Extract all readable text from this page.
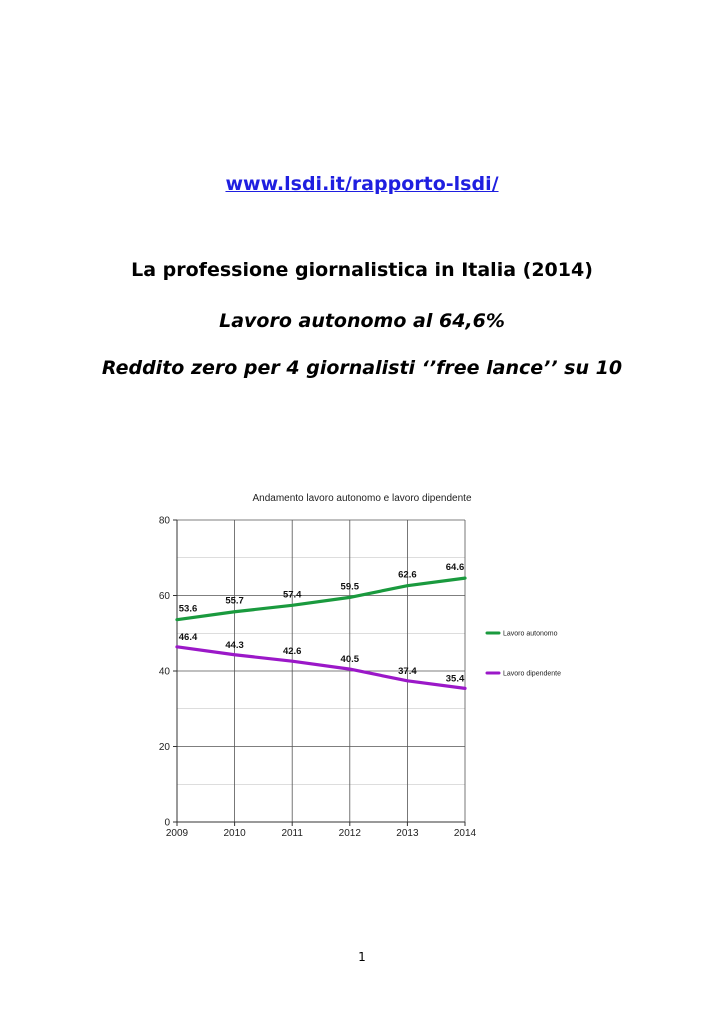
www.lsdi.it/rapporto-lsdi/
La professione giornalistica in Italia (2014)
Lavoro autonomo al 64,6%
Reddito zero per 4 giornalisti ‘’free lance’’ su 10
Andamento lavoro autonomo e lavoro dipendente
0
20
40
60
80
2009	2010	2011	2012	2013	2014
53.6
55.7
57.4
59.5
62.6
64.6
46.4
44.3
42.6
40.5
37.4
35.4
Lavoro autonomo
Lavoro dipendente
1
